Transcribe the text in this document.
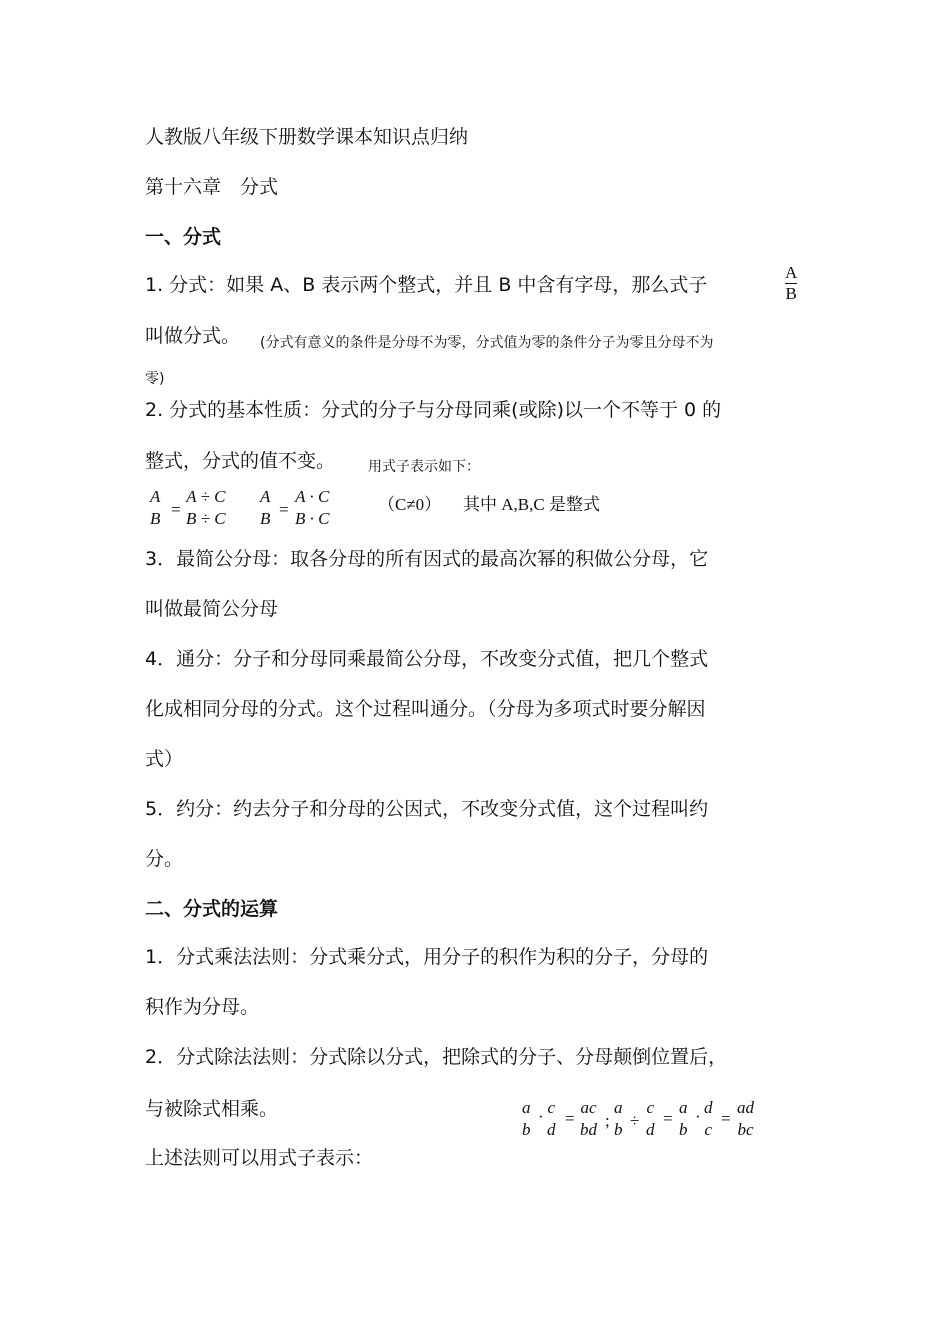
人教版八年级下册数学课本知识点归纳
第十六章　分式
一、分式
1. 分式：如果 A、B 表示两个整式，并且 B 中含有字母，那么式子
A
B
叫做分式。 (分式有意义的条件是分母不为零，分式值为零的条件分子为零且分母不为
零)
2. 分式的基本性质：分式的分子与分母同乘(或除)以一个不等于 0 的
整式，分式的值不变。 用式子表示如下：
A
B =
A ÷ C
B ÷ C
A
B =
A · C
B · C
（C≠0） 其中 A,B,C 是整式
3．最简公分母：取各分母的所有因式的最高次幂的积做公分母，它
叫做最简公分母
4．通分：分子和分母同乘最简公分母，不改变分式值，把几个整式
化成相同分母的分式。这个过程叫通分。（分母为多项式时要分解因
式）
5．约分：约去分子和分母的公因式，不改变分式值，这个过程叫约
分。
二、分式的运算
1．分式乘法法则：分式乘分式，用分子的积作为积的分子，分母的
积作为分母。
2．分式除法法则：分式除以分式，把除式的分子、分母颠倒位置后，
与被除式相乘。	a
b
· c
d
=
ac
bd ;
a
b ÷
c
d
=
a
b
· d
c
=
ad
bc
上述法则可以用式子表示：
